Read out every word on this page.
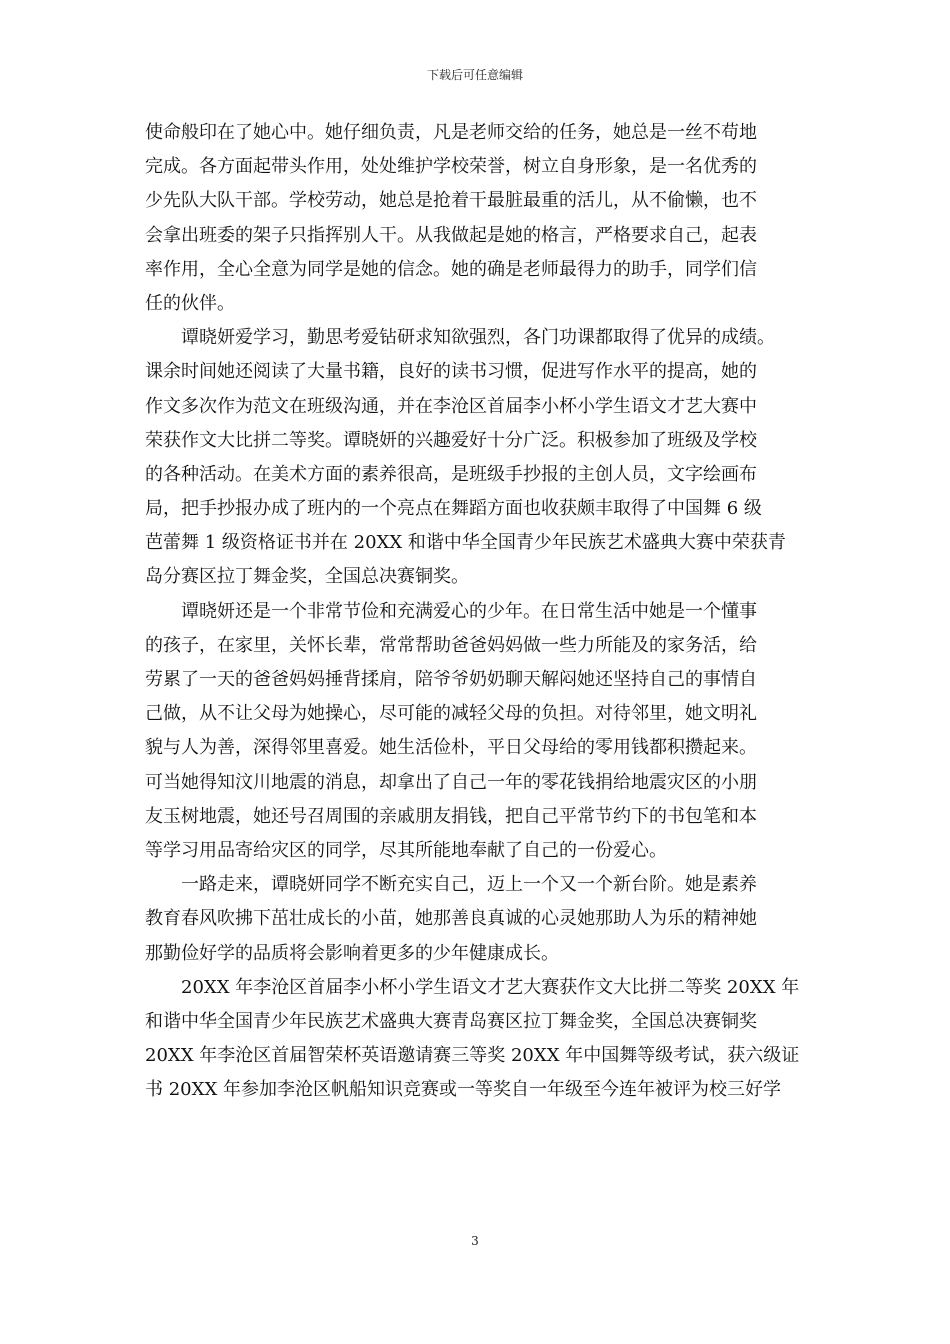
下载后可任意编辑
使命般印在了她心中。她仔细负责，凡是老师交给的任务，她总是一丝不苟地
完成。各方面起带头作用，处处维护学校荣誉，树立自身形象，是一名优秀的
少先队大队干部。学校劳动，她总是抢着干最脏最重的活儿，从不偷懒，也不
会拿出班委的架子只指挥别人干。从我做起是她的格言，严格要求自己，起表
率作用，全心全意为同学是她的信念。她的确是老师最得力的助手，同学们信
任的伙伴。
　　谭晓妍爱学习，勤思考爱钻研求知欲强烈，各门功课都取得了优异的成绩。
课余时间她还阅读了大量书籍，良好的读书习惯，促进写作水平的提高，她的
作文多次作为范文在班级沟通，并在李沧区首届李小杯小学生语文才艺大赛中
荣获作文大比拼二等奖。谭晓妍的兴趣爱好十分广泛。积极参加了班级及学校
的各种活动。在美术方面的素养很高，是班级手抄报的主创人员，文字绘画布
局，把手抄报办成了班内的一个亮点在舞蹈方面也收获颇丰取得了中国舞 6 级
芭蕾舞 1 级资格证书并在 20XX 和谐中华全国青少年民族艺术盛典大赛中荣获青
岛分赛区拉丁舞金奖，全国总决赛铜奖。
　　谭晓妍还是一个非常节俭和充满爱心的少年。在日常生活中她是一个懂事
的孩子，在家里，关怀长辈，常常帮助爸爸妈妈做一些力所能及的家务活，给
劳累了一天的爸爸妈妈捶背揉肩，陪爷爷奶奶聊天解闷她还坚持自己的事情自
己做，从不让父母为她操心，尽可能的减轻父母的负担。对待邻里，她文明礼
貌与人为善，深得邻里喜爱。她生活俭朴，平日父母给的零用钱都积攒起来。
可当她得知汶川地震的消息，却拿出了自己一年的零花钱捐给地震灾区的小朋
友玉树地震，她还号召周围的亲戚朋友捐钱，把自己平常节约下的书包笔和本
等学习用品寄给灾区的同学，尽其所能地奉献了自己的一份爱心。
　　一路走来，谭晓妍同学不断充实自己，迈上一个又一个新台阶。她是素养
教育春风吹拂下茁壮成长的小苗，她那善良真诚的心灵她那助人为乐的精神她
那勤俭好学的品质将会影响着更多的少年健康成长。
　　20XX 年李沧区首届李小杯小学生语文才艺大赛获作文大比拼二等奖 20XX 年
和谐中华全国青少年民族艺术盛典大赛青岛赛区拉丁舞金奖，全国总决赛铜奖
20XX 年李沧区首届智荣杯英语邀请赛三等奖 20XX 年中国舞等级考试，获六级证
书 20XX 年参加李沧区帆船知识竞赛或一等奖自一年级至今连年被评为校三好学
3
